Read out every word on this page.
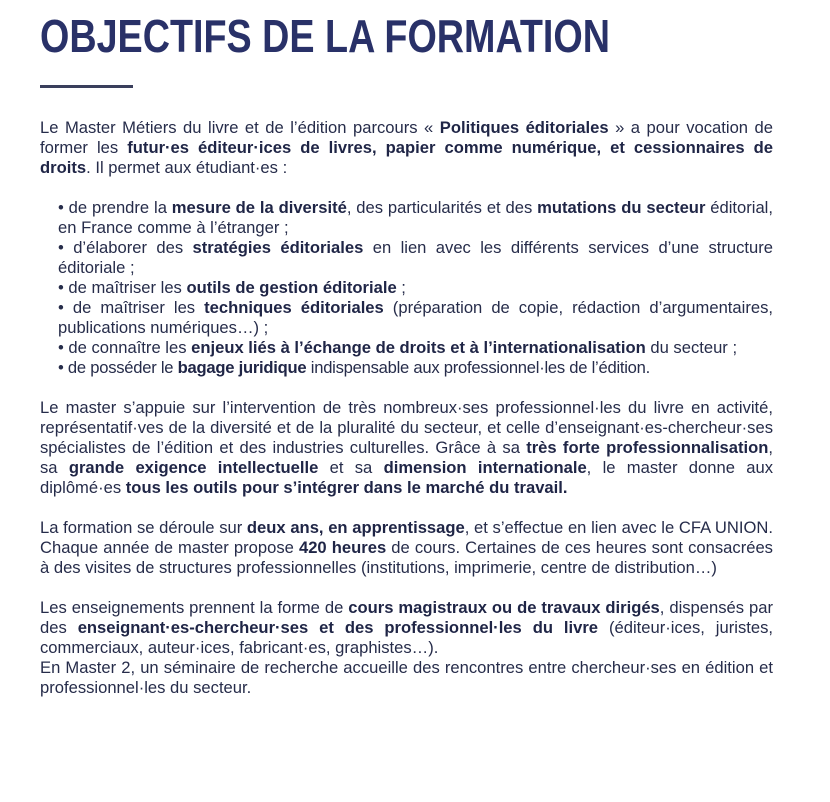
OBJECTIFS DE LA FORMATION

Le Master Métiers du livre et de l’édition parcours « Politiques éditoriales » a pour vocation de former les futur·es éditeur·ices de livres, papier comme numérique, et cessionnaires de droits. Il permet aux étudiant·es :

• de prendre la mesure de la diversité, des particularités et des mutations du secteur éditorial, en France comme à l’étranger ;
• d’élaborer des stratégies éditoriales en lien avec les différents services d’une structure éditoriale ;
• de maîtriser les outils de gestion éditoriale ;
• de maîtriser les techniques éditoriales (préparation de copie, rédaction d’argumentaires, publications numériques…) ;
• de connaître les enjeux liés à l’échange de droits et à l’internationalisation du secteur ;
• de posséder le bagage juridique indispensable aux professionnel·les de l’édition.

Le master s’appuie sur l’intervention de très nombreux·ses professionnel·les du livre en activité, représentatif·ves de la diversité et de la pluralité du secteur, et celle d’enseignant·es-chercheur·ses spécialistes de l’édition et des industries culturelles. Grâce à sa très forte professionnalisation, sa grande exigence intellectuelle et sa dimension internationale, le master donne aux diplômé·es tous les outils pour s’intégrer dans le marché du travail.

La formation se déroule sur deux ans, en apprentissage, et s’effectue en lien avec le CFA UNION. Chaque année de master propose 420 heures de cours. Certaines de ces heures sont consacrées à des visites de structures professionnelles (institutions, imprimerie, centre de distribution…)

Les enseignements prennent la forme de cours magistraux ou de travaux dirigés, dispensés par des enseignant·es-chercheur·ses et des professionnel·les du livre (éditeur·ices, juristes, commerciaux, auteur·ices, fabricant·es, graphistes…).
En Master 2, un séminaire de recherche accueille des rencontres entre chercheur·ses en édition et professionnel·les du secteur.
